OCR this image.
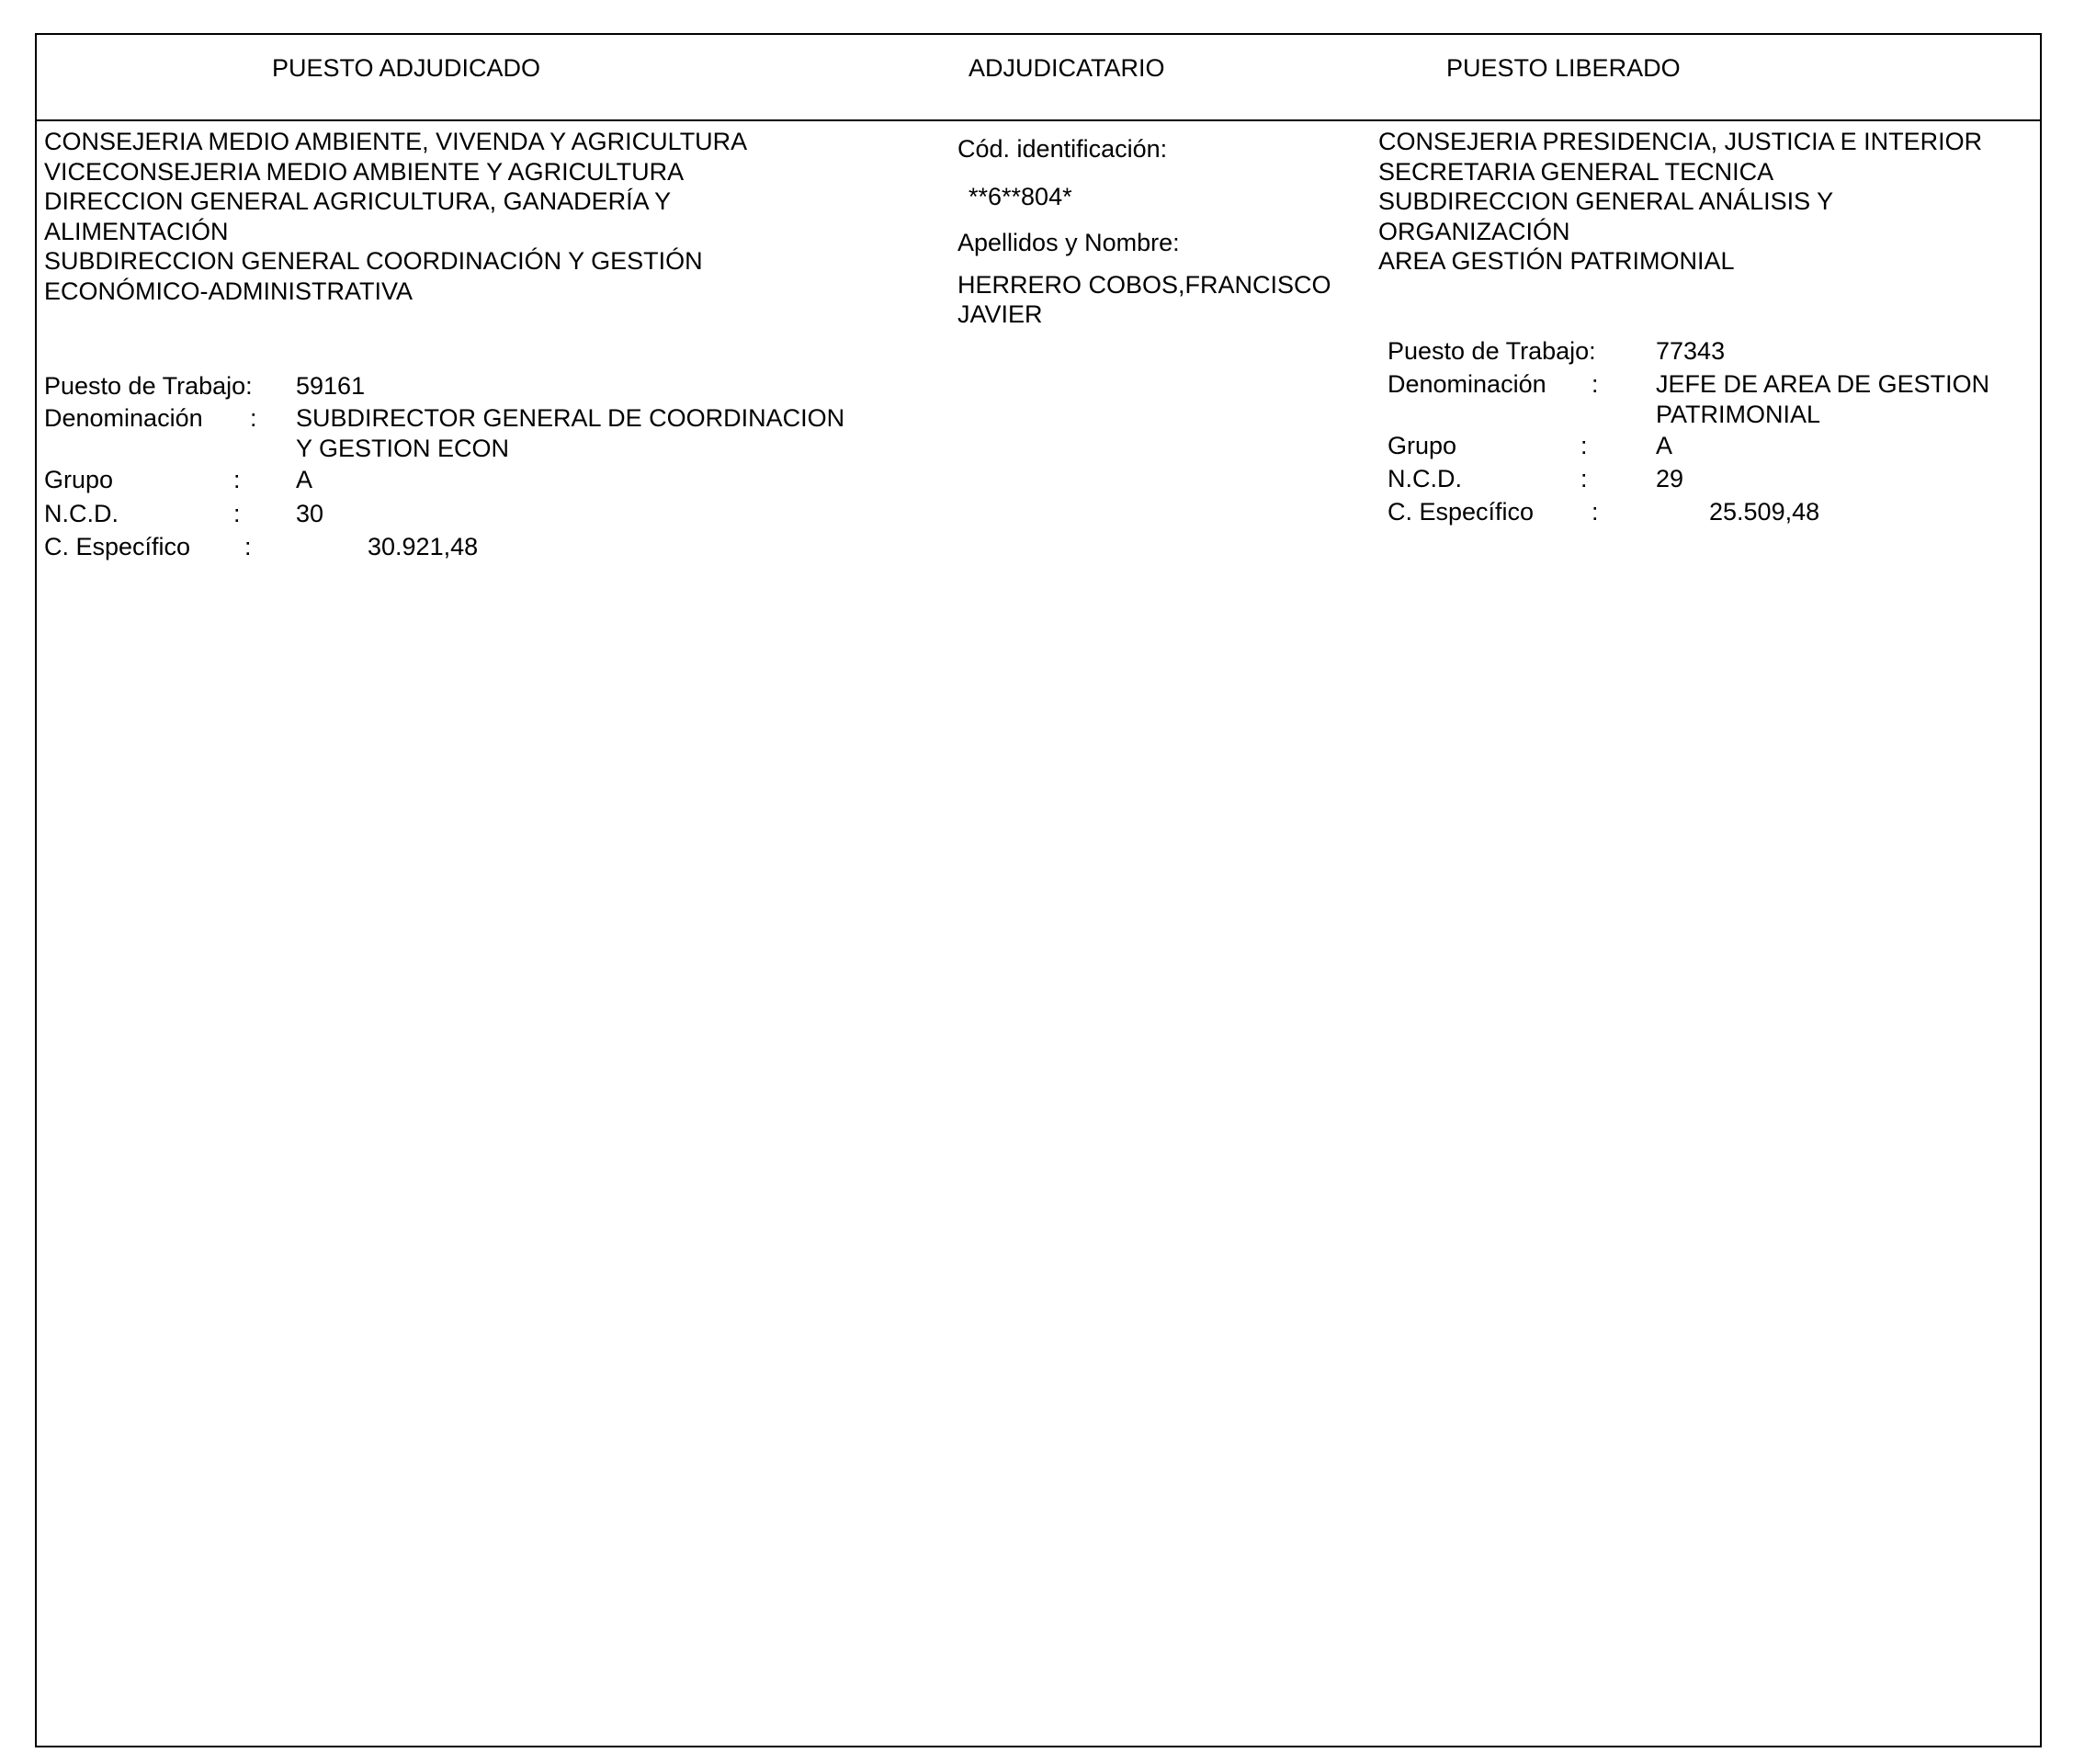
PUESTO ADJUDICADO	ADJUDICATARIO	PUESTO LIBERADO
CONSEJERIA MEDIO AMBIENTE, VIVENDA Y AGRICULTURA
VICECONSEJERIA MEDIO AMBIENTE Y AGRICULTURA
DIRECCION GENERAL AGRICULTURA, GANADERÍA Y
ALIMENTACIÓN
SUBDIRECCION GENERAL COORDINACIÓN Y GESTIÓN
ECONÓMICO-ADMINISTRATIVA
Puesto de Trabajo: 59161
Denominación : SUBDIRECTOR GENERAL DE COORDINACION
Y GESTION ECON
Grupo	: A
N.C.D.	: 30
C. Específico :	30.921,48
Cód. identificación:
**6**804*
Apellidos y Nombre:
HERRERO COBOS,FRANCISCO
JAVIER
CONSEJERIA PRESIDENCIA, JUSTICIA E INTERIOR
SECRETARIA GENERAL TECNICA
SUBDIRECCION GENERAL ANÁLISIS Y
ORGANIZACIÓN
AREA GESTIÓN PATRIMONIAL
Puesto de Trabajo: 77343
Denominación : JEFE DE AREA DE GESTION
PATRIMONIAL
Grupo	:	A
N.C.D.	:	29
C. Específico :	25.509,48
